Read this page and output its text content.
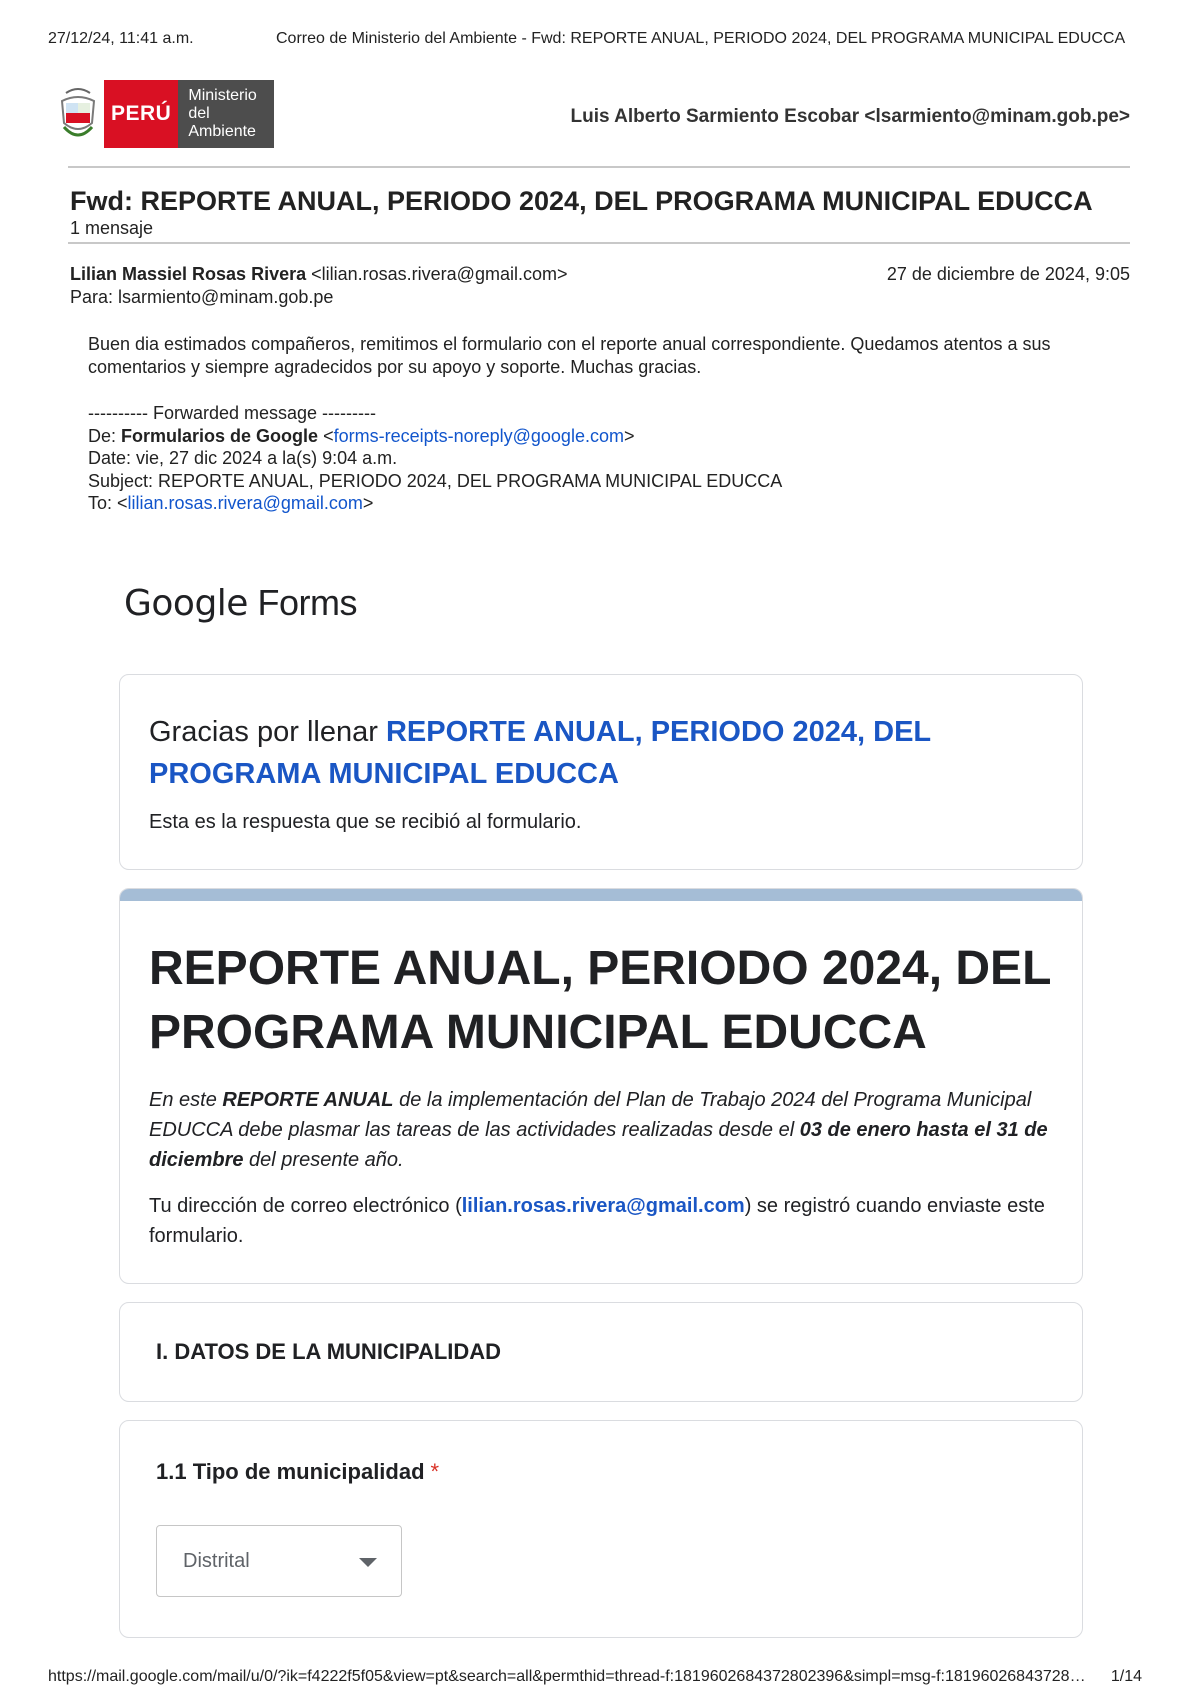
27/12/24, 11:41 a.m.	Correo de Ministerio del Ambiente - Fwd: REPORTE ANUAL, PERIODO 2024, DEL PROGRAMA MUNICIPAL EDUCCA
PERÚ
Ministerio
del Ambiente
Luis Alberto Sarmiento Escobar <lsarmiento@minam.gob.pe>
Fwd: REPORTE ANUAL, PERIODO 2024, DEL PROGRAMA MUNICIPAL EDUCCA
1 mensaje
Lilian Massiel Rosas Rivera <lilian.rosas.rivera@gmail.com>	27 de diciembre de 2024, 9:05
Para: lsarmiento@minam.gob.pe
Buen dia estimados compañeros, remitimos el formulario con el reporte anual correspondiente. Quedamos atentos a sus comentarios y siempre agradecidos por su apoyo y soporte. Muchas gracias.
---------- Forwarded message ---------
De: Formularios de Google <forms-receipts-noreply@google.com>
Date: vie, 27 dic 2024 a la(s) 9:04 a.m.
Subject: REPORTE ANUAL, PERIODO 2024, DEL PROGRAMA MUNICIPAL EDUCCA
To: <lilian.rosas.rivera@gmail.com>
Google Forms
Gracias por llenar REPORTE ANUAL, PERIODO 2024, DEL PROGRAMA MUNICIPAL EDUCCA
Esta es la respuesta que se recibió al formulario.
REPORTE ANUAL, PERIODO 2024, DEL PROGRAMA MUNICIPAL EDUCCA
En este REPORTE ANUAL de la implementación del Plan de Trabajo 2024 del Programa Municipal EDUCCA debe plasmar las tareas de las actividades realizadas desde el 03 de enero hasta el 31 de diciembre del presente año.
Tu dirección de correo electrónico (lilian.rosas.rivera@gmail.com) se registró cuando enviaste este formulario.
I. DATOS DE LA MUNICIPALIDAD
1.1 Tipo de municipalidad *
Distrital
https://mail.google.com/mail/u/0/?ik=f4222f5f05&view=pt&search=all&permthid=thread-f:1819602684372802396&simpl=msg-f:18196026843728…	1/14
